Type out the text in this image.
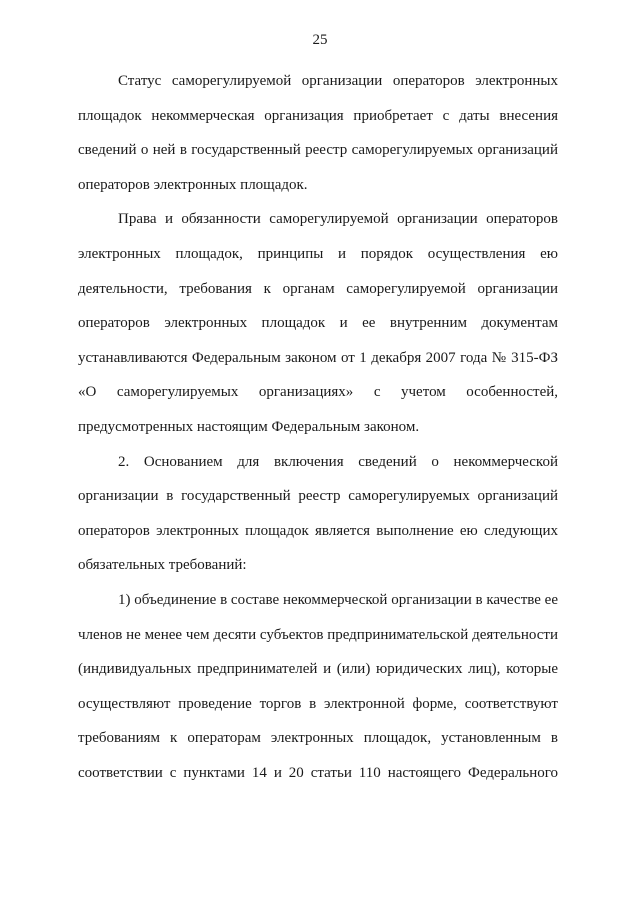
25

Статус саморегулируемой организации операторов электронных площадок некоммерческая организация приобретает с даты внесения сведений о ней в государственный реестр саморегулируемых организаций операторов электронных площадок.

Права и обязанности саморегулируемой организации операторов электронных площадок, принципы и порядок осуществления ею деятельности, требования к органам саморегулируемой организации операторов электронных площадок и ее внутренним документам устанавливаются Федеральным законом от 1 декабря 2007 года № 315-ФЗ «О саморегулируемых организациях» с учетом особенностей, предусмотренных настоящим Федеральным законом.

2. Основанием для включения сведений о некоммерческой организации в государственный реестр саморегулируемых организаций операторов электронных площадок является выполнение ею следующих обязательных требований:

1) объединение в составе некоммерческой организации в качестве ее членов не менее чем десяти субъектов предпринимательской деятельности (индивидуальных предпринимателей и (или) юридических лиц), которые осуществляют проведение торгов в электронной форме, соответствуют требованиям к операторам электронных площадок, установленным в соответствии с пунктами 14 и 20 статьи 110 настоящего Федерального
